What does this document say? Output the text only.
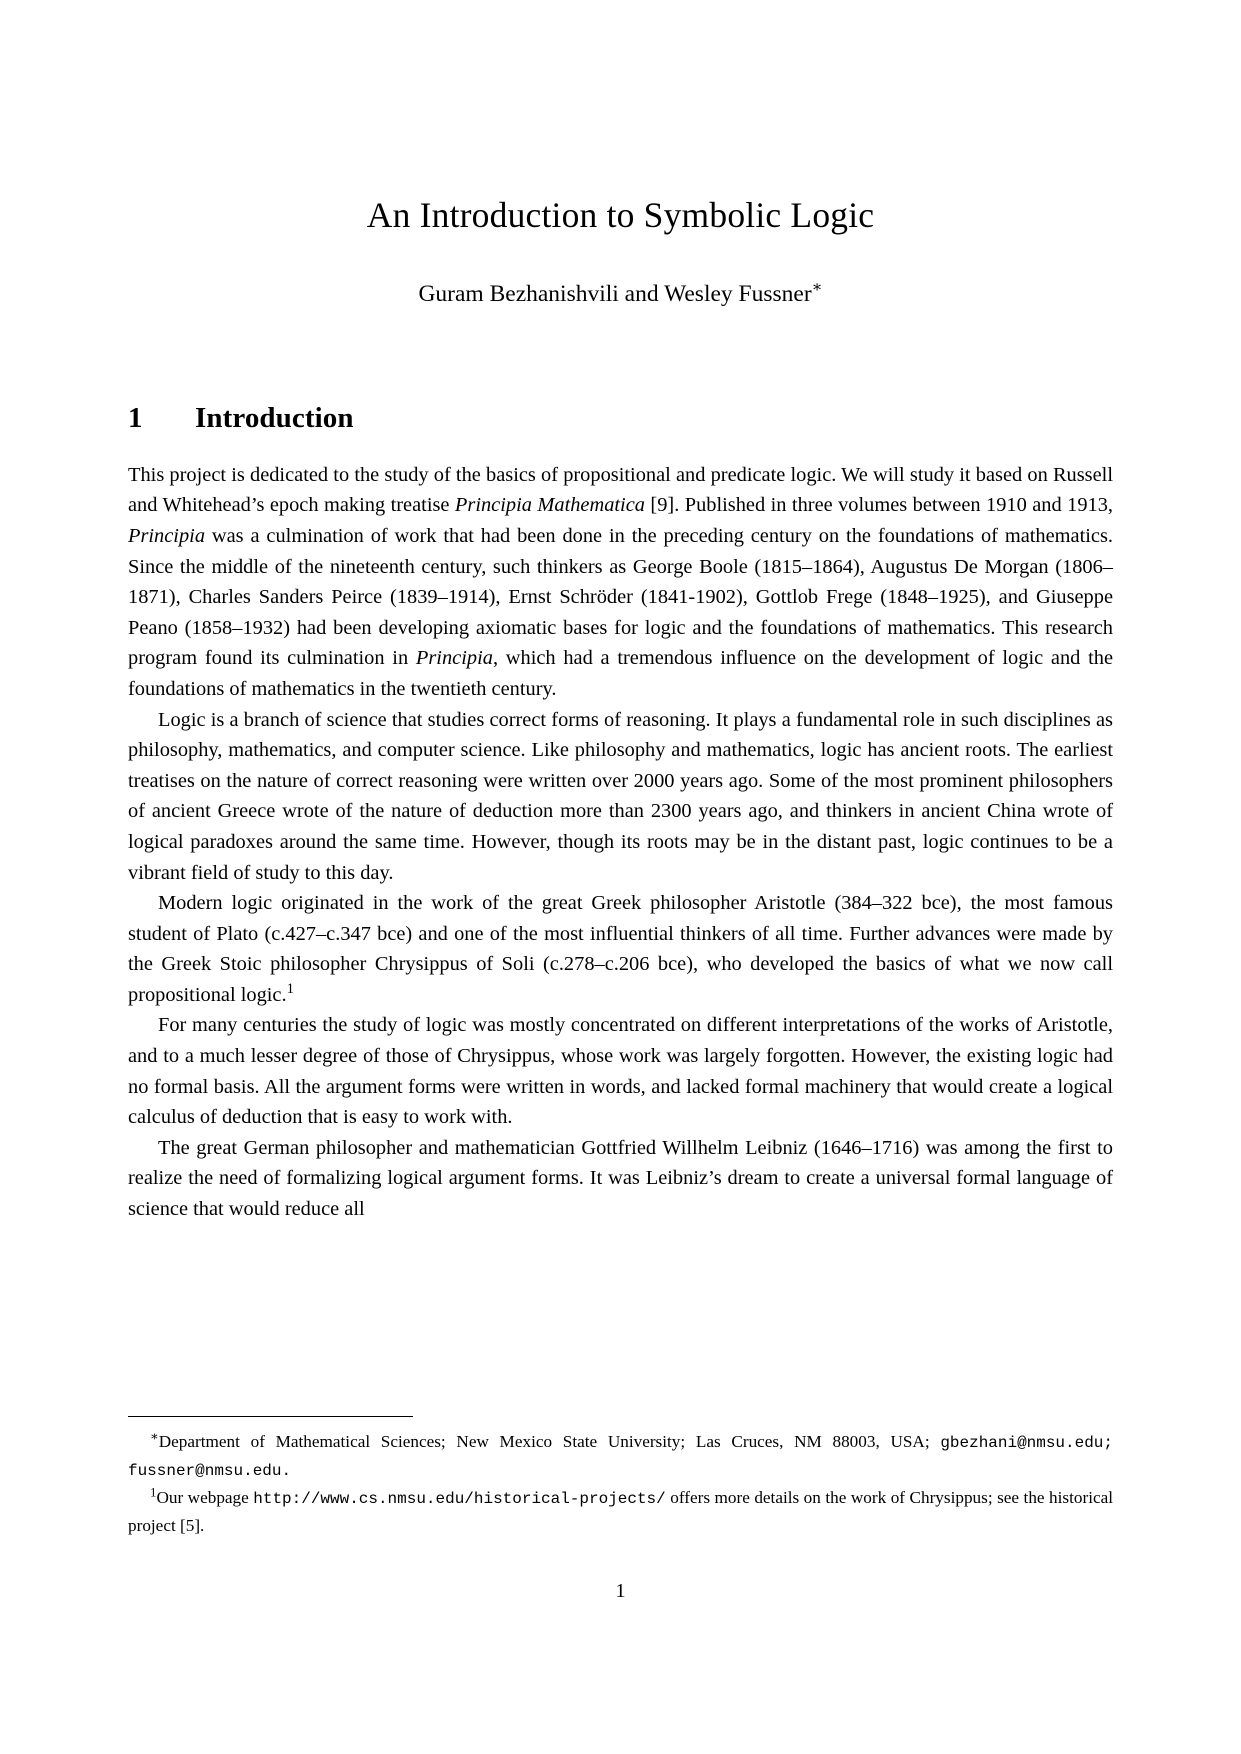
An Introduction to Symbolic Logic
Guram Bezhanishvili and Wesley Fussner∗
1 Introduction

This project is dedicated to the study of the basics of propositional and predicate logic. We will study it based on Russell and Whitehead’s epoch making treatise Principia Mathematica [9]. Published in three volumes between 1910 and 1913, Principia was a culmination of work that had been done in the preceding century on the foundations of mathematics. Since the middle of the nineteenth century, such thinkers as George Boole (1815–1864), Augustus De Morgan (1806–1871), Charles Sanders Peirce (1839–1914), Ernst Schröder (1841-1902), Gottlob Frege (1848–1925), and Giuseppe Peano (1858–1932) had been developing axiomatic bases for logic and the foundations of mathematics. This research program found its culmination in Principia, which had a tremendous influence on the development of logic and the foundations of mathematics in the twentieth century.

Logic is a branch of science that studies correct forms of reasoning. It plays a fundamental role in such disciplines as philosophy, mathematics, and computer science. Like philosophy and mathematics, logic has ancient roots. The earliest treatises on the nature of correct reasoning were written over 2000 years ago. Some of the most prominent philosophers of ancient Greece wrote of the nature of deduction more than 2300 years ago, and thinkers in ancient China wrote of logical paradoxes around the same time. However, though its roots may be in the distant past, logic continues to be a vibrant field of study to this day.

Modern logic originated in the work of the great Greek philosopher Aristotle (384–322 bce), the most famous student of Plato (c.427–c.347 bce) and one of the most influential thinkers of all time. Further advances were made by the Greek Stoic philosopher Chrysippus of Soli (c.278–c.206 bce), who developed the basics of what we now call propositional logic.$^1$

For many centuries the study of logic was mostly concentrated on different interpretations of the works of Aristotle, and to a much lesser degree of those of Chrysippus, whose work was largely forgotten. However, the existing logic had no formal basis. All the argument forms were written in words, and lacked formal machinery that would create a logical calculus of deduction that is easy to work with.

The great German philosopher and mathematician Gottfried Willhelm Leibniz (1646–1716) was among the first to realize the need of formalizing logical argument forms. It was Leibniz’s dream to create a universal formal language of science that would reduce all

∗Department of Mathematical Sciences; New Mexico State University; Las Cruces, NM 88003, USA; gbezhani@nmsu.edu; fussner@nmsu.edu.

$^1$Our webpage http://www.cs.nmsu.edu/historical-projects/ offers more details on the work of Chrysippus; see the historical project [5].

1
